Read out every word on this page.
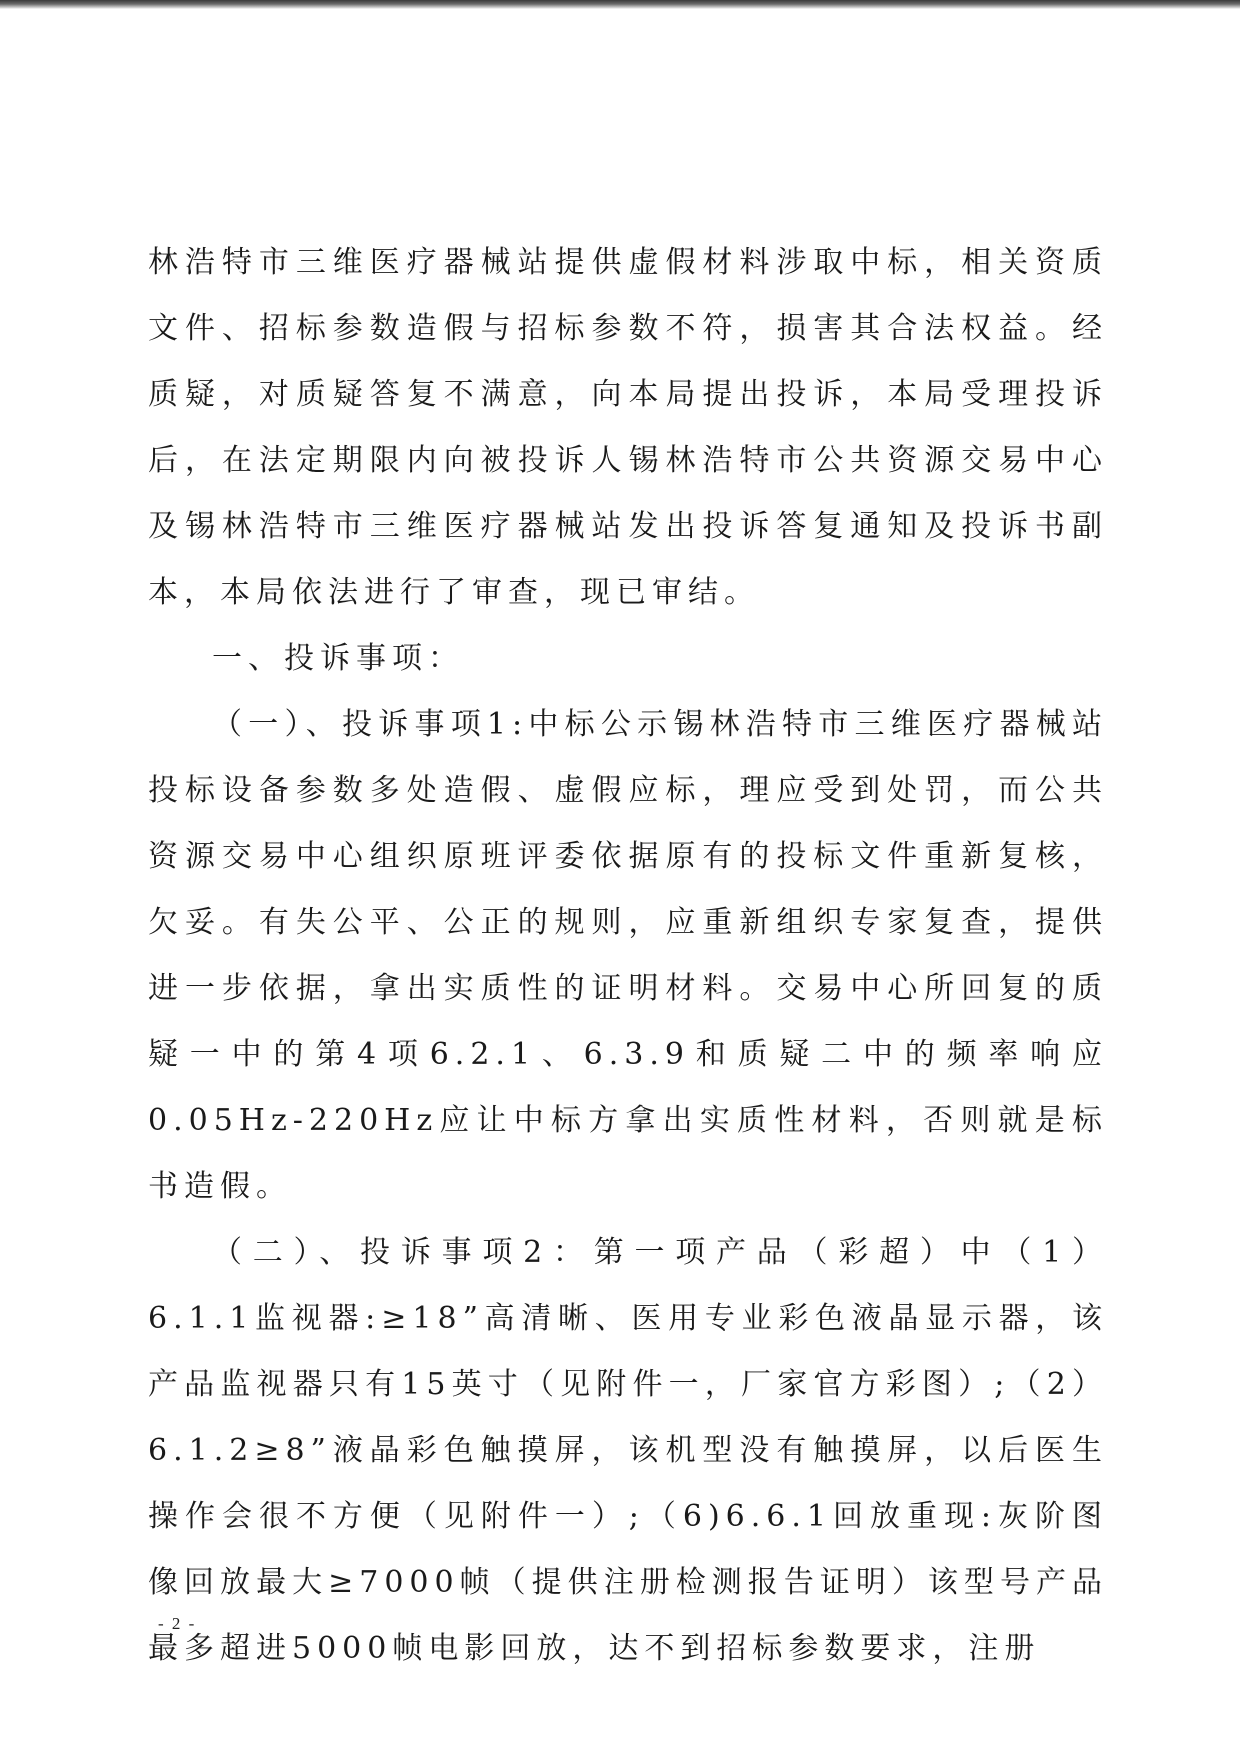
林浩特市三维医疗器械站提供虚假材料涉取中标，相关资质文件、招标参数造假与招标参数不符，损害其合法权益。经质疑，对质疑答复不满意，向本局提出投诉，本局受理投诉后，在法定期限内向被投诉人锡林浩特市公共资源交易中心及锡林浩特市三维医疗器械站发出投诉答复通知及投诉书副本，本局依法进行了审查，现已审结。

一、投诉事项：

（一）、投诉事项1:中标公示锡林浩特市三维医疗器械站投标设备参数多处造假、虚假应标，理应受到处罚，而公共资源交易中心组织原班评委依据原有的投标文件重新复核，欠妥。有失公平、公正的规则，应重新组织专家复查，提供进一步依据，拿出实质性的证明材料。交易中心所回复的质疑一中的第4项6.2.1、6.3.9和质疑二中的频率响应0.05Hz-220Hz应让中标方拿出实质性材料，否则就是标书造假。

（二）、投诉事项2：第一项产品（彩超）中（1）6.1.1监视器:≥18”高清晰、医用专业彩色液晶显示器，该产品监视器只有15英寸（见附件一，厂家官方彩图）;（2）6.1.2≥8”液晶彩色触摸屏，该机型没有触摸屏，以后医生操作会很不方便（见附件一）;（6)6.6.1回放重现:灰阶图像回放最大≥7000帧（提供注册检测报告证明）该型号产品最多超进5000帧电影回放，达不到招标参数要求，注册

- 2 -
